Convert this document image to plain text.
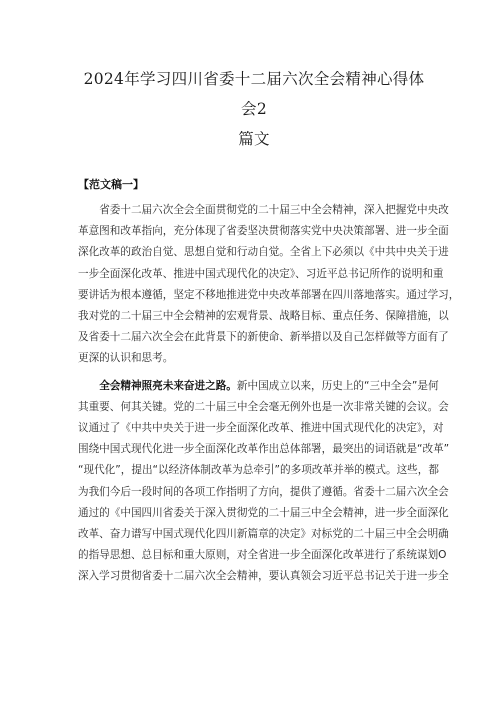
2024年学习四川省委十二届六次全会精神心得体会2
篇文
【范文稿一】
省委十二届六次全会全面贯彻党的二十届三中全会精神，深入把握党中央改
革意图和改革指向，充分体现了省委坚决贯彻落实党中央决策部署、进一步全面
深化改革的政治自觉、思想自觉和行动自觉。全省上下必须以《中共中央关于进
一步全面深化改革、推进中国式现代化的决定》、习近平总书记所作的说明和重
要讲话为根本遵循，坚定不移地推进党中央改革部署在四川落地落实。通过学习，
我对党的二十届三中全会精神的宏观背景、战略目标、重点任务、保障措施，以
及省委十二届六次全会在此背景下的新使命、新举措以及自己怎样做等方面有了
更深的认识和思考。
全会精神照亮未来奋进之路。新中国成立以来，历史上的“三中全会”是何
其重要、何其关键。党的二十届三中全会毫无例外也是一次非常关键的会议。会
议通过了《中共中央关于进一步全面深化改革、推进中国式现代化的决定》，对
围绕中国式现代化进一步全面深化改革作出总体部署，最突出的词语就是“改革”
“现代化”，提出“以经济体制改革为总牵引”的多项改革并举的模式。这些，都
为我们今后一段时间的各项工作指明了方向，提供了遵循。省委十二届六次全会
通过的《中国四川省委关于深入贯彻党的二十届三中全会精神，进一步全面深化
改革、奋力谱写中国式现代化四川新篇章的决定》对标党的二十届三中全会明确
的指导思想、总目标和重大原则，对全省进一步全面深化改革进行了系统谋划O
深入学习贯彻省委十二届六次全会精神，要认真领会习近平总书记关于进一步全
